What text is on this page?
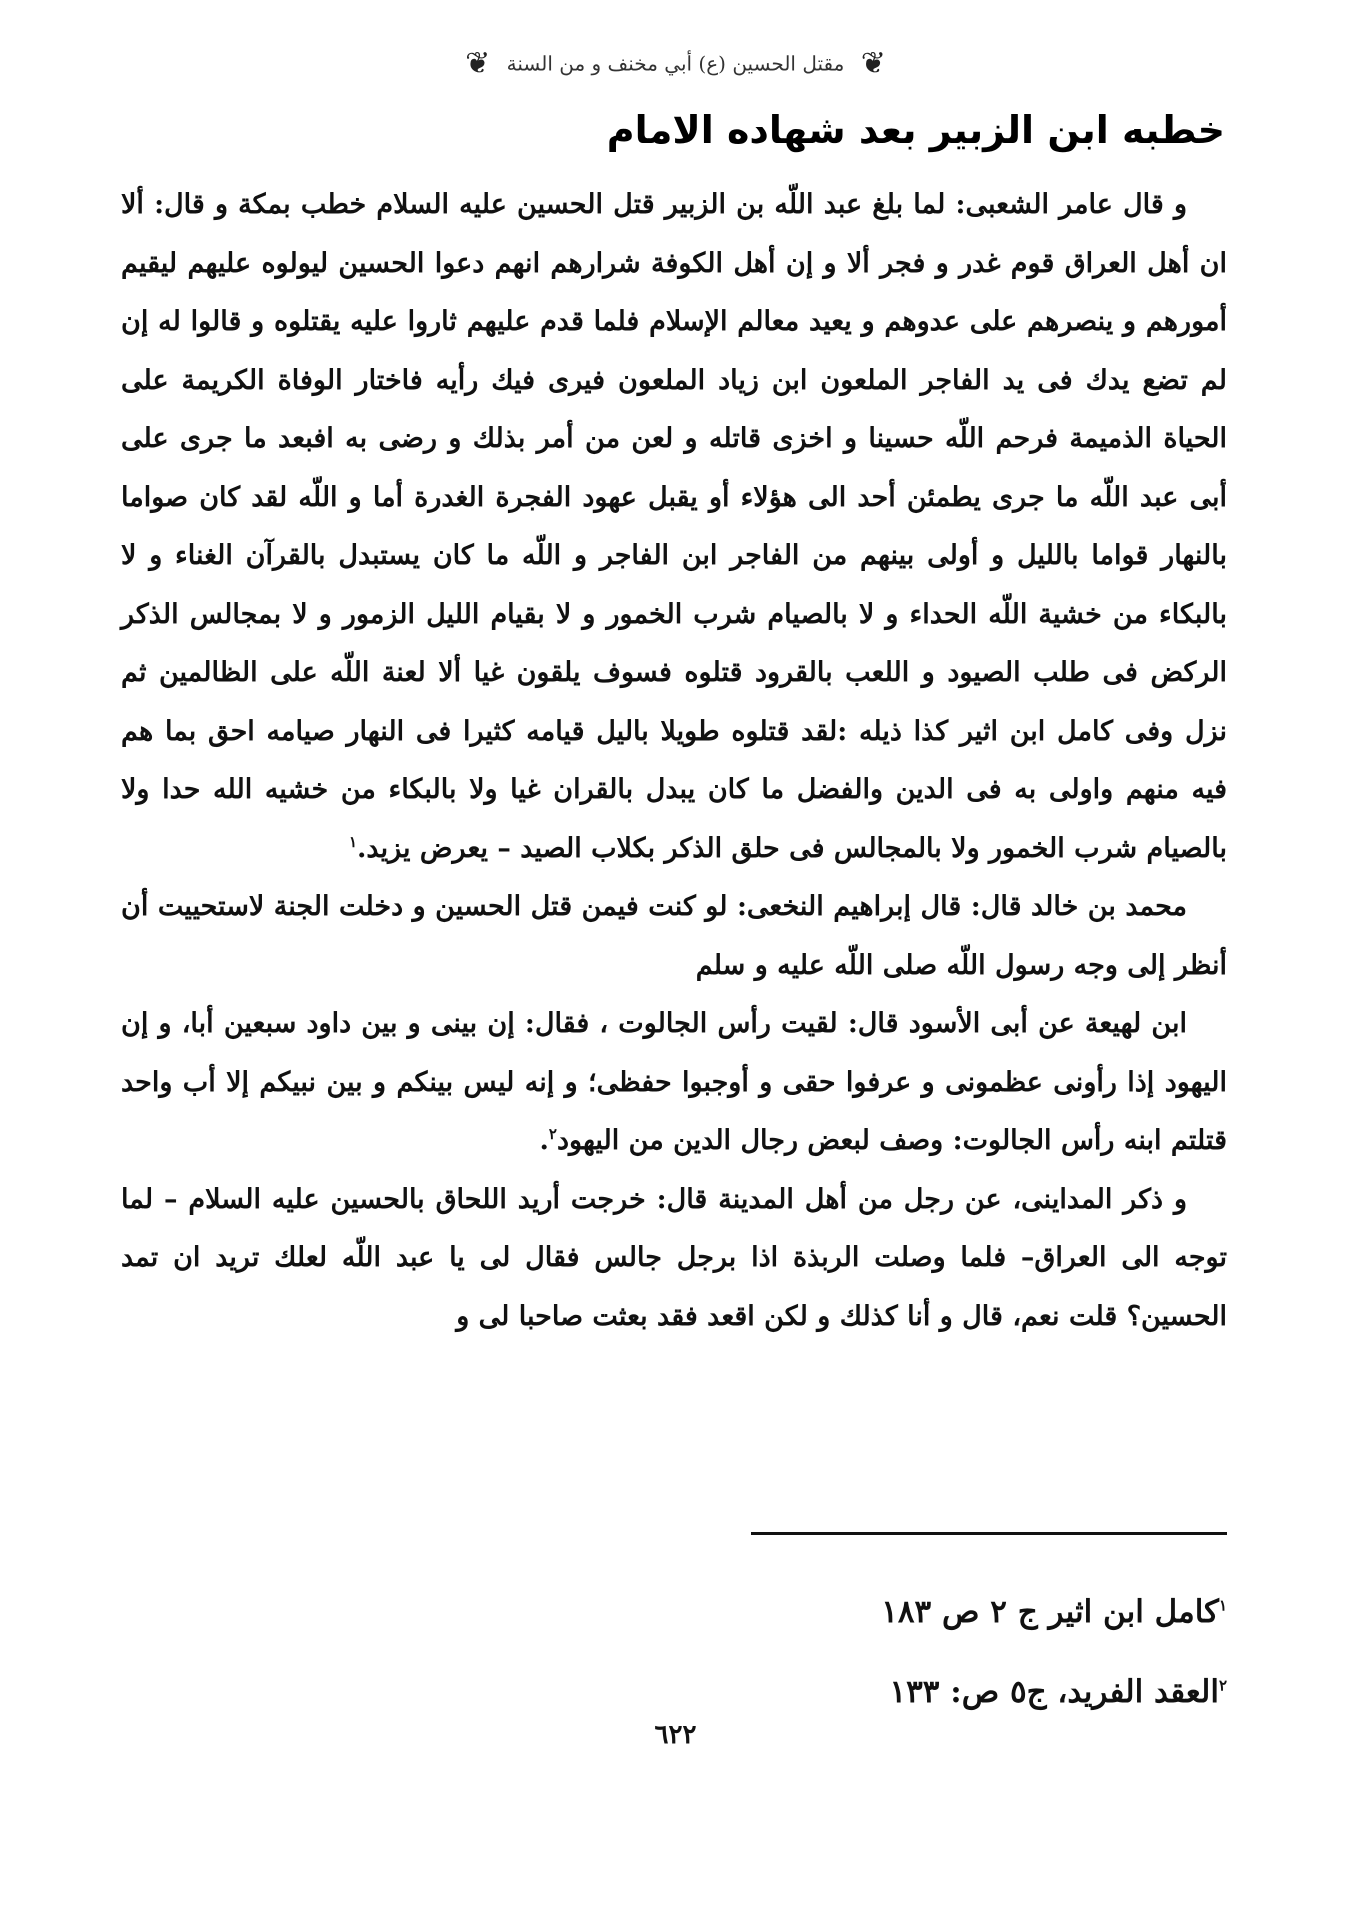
❦ مقتل الحسين (ع) أبي مخنف و من السنة ❦
خطبه ابن الزبير بعد شهاده الامام

و قال عامر الشعبى: لما بلغ عبد اللّه بن الزبير قتل الحسين عليه السلام خطب بمكة و قال: ألا ان أهل العراق قوم غدر و فجر ألا و إن أهل الكوفة شرارهم انهم دعوا الحسين ليولوه عليهم ليقيم أمورهم و ينصرهم على عدوهم و يعيد معالم الإسلام فلما قدم عليهم ثاروا عليه يقتلوه و قالوا له إن لم تضع يدك فى يد الفاجر الملعون ابن زياد الملعون فيرى فيك رأيه فاختار الوفاة الكريمة على الحياة الذميمة فرحم اللّه حسينا و اخزى قاتله و لعن من أمر بذلك و رضى به افبعد ما جرى على أبى عبد اللّه ما جرى يطمئن أحد الى هؤلاء أو يقبل عهود الفجرة الغدرة أما و اللّه لقد كان صواما بالنهار قواما بالليل و أولى بينهم من الفاجر ابن الفاجر و اللّه ما كان يستبدل بالقرآن الغناء و لا بالبكاء من خشية اللّه الحداء و لا بالصيام شرب الخمور و لا بقيام الليل الزمور و لا بمجالس الذكر الركض فى طلب الصيود و اللعب بالقرود قتلوه فسوف يلقون غيا ألا لعنة اللّه على الظالمين ثم نزل وفى كامل ابن اثير كذا ذيله :لقد قتلوه طويلا باليل قيامه كثيرا فى النهار صيامه احق بما هم فيه منهم واولى به فى الدين والفضل ما كان يبدل بالقران غيا ولا بالبكاء من خشيه الله حدا ولا بالصيام شرب الخمور ولا بالمجالس فى حلق الذكر بكلاب الصيد – يعرض يزيد.$^١$

محمد بن خالد قال: قال إبراهيم النخعى: لو كنت فيمن قتل الحسين و دخلت الجنة لاستحييت أن أنظر إلى وجه رسول اللّه صلى اللّه عليه و سلم

ابن لهيعة عن أبى الأسود قال: لقيت رأس الجالوت ، فقال: إن بينى و بين داود سبعين أبا، و إن اليهود إذا رأونى عظمونى و عرفوا حقى و أوجبوا حفظى؛ و إنه ليس بينكم و بين نبيكم إلا أب واحد قتلتم ابنه رأس الجالوت: وصف لبعض رجال الدين من اليهود$^٢$.

و ذكر المداينى، عن رجل من أهل المدينة قال: خرجت أريد اللحاق بالحسين عليه السلام – لما توجه الى العراق– فلما وصلت الربذة اذا برجل جالس فقال لى يا عبد اللّه لعلك تريد ان تمد الحسين؟ قلت نعم، قال و أنا كذلك و لكن اقعد فقد بعثت صاحبا لى و

$^١$كامل ابن اثير ج ٢ ص ١٨٣

$^٢$العقد الفريد، ج٥ ص: ١٣٣

٦٢٢
